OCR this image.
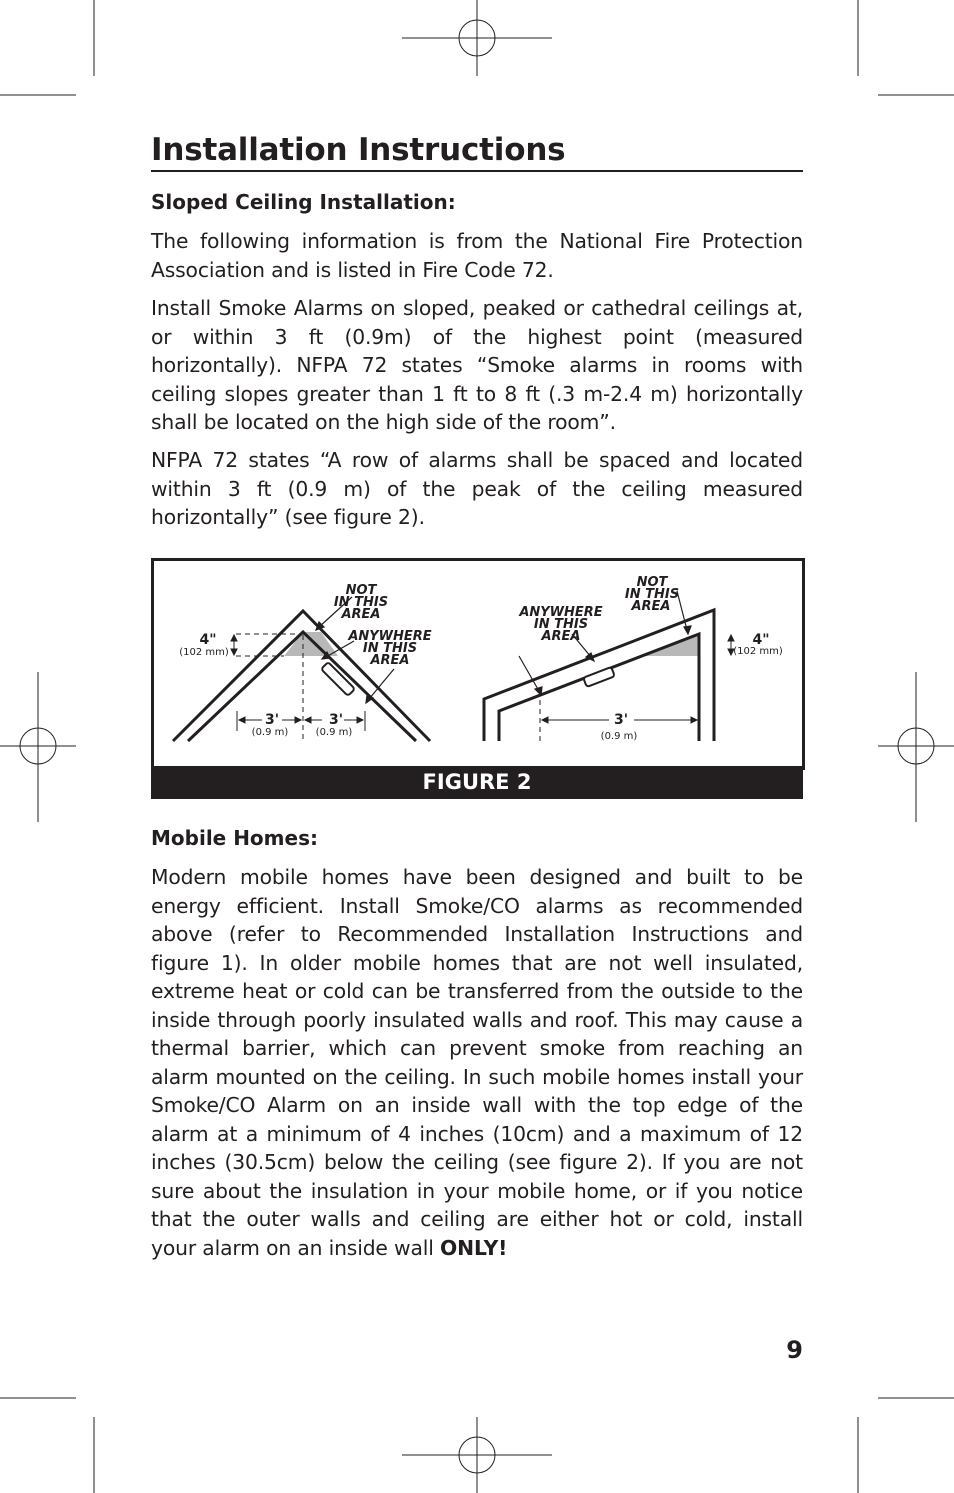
Installation Instructions

Sloped Ceiling Installation:

The following information is from the National Fire Protection Association and is listed in Fire Code 72.

Install Smoke Alarms on sloped, peaked or cathedral ceilings at, or within 3 ft (0.9m) of the highest point (measured horizontally). NFPA 72 states “Smoke alarms in rooms with ceiling slopes greater than 1 ft to 8 ft (.3 m-2.4 m) horizontally shall be located on the high side of the room”.

NFPA 72 states “A row of alarms shall be spaced and located within 3 ft (0.9 m) of the peak of the ceiling measured horizontally” (see figure 2).

NOT
IN THIS
AREA
ANYWHERE
IN THIS
AREA
4"
(102 mm)
3'
(0.9 m)
3'
(0.9 m)
NOT
IN THIS
AREA
ANYWHERE
IN THIS
AREA	4"
(102 mm)
3'
(0.9 m)
FIGURE 2

Mobile Homes:

Modern mobile homes have been designed and built to be energy efficient. Install Smoke/CO alarms as recommended above (refer to Recommended Installation Instructions and figure 1). In older mobile homes that are not well insulated, extreme heat or cold can be transferred from the outside to the inside through poorly insulated walls and roof. This may cause a thermal barrier, which can prevent smoke from reaching an alarm mounted on the ceiling. In such mobile homes install your Smoke/CO Alarm on an inside wall with the top edge of the alarm at a minimum of 4 inches (10cm) and a maximum of 12 inches (30.5cm) below the ceiling (see figure 2). If you are not sure about the insulation in your mobile home, or if you notice that the outer walls and ceiling are either hot or cold, install your alarm on an inside wall ONLY!

9
